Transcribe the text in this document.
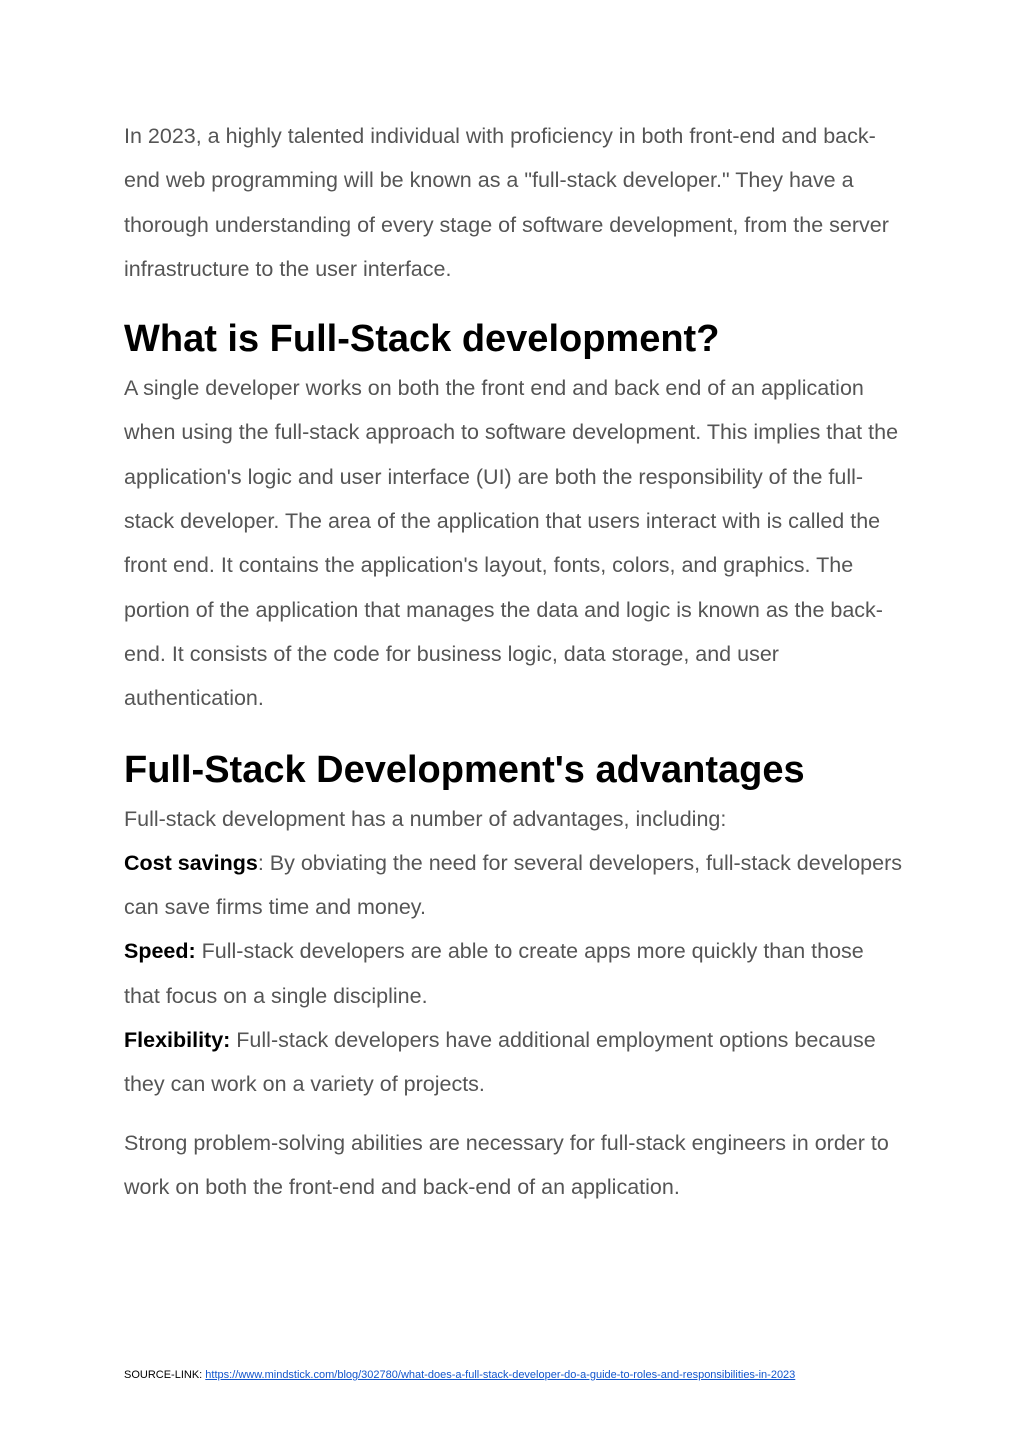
In 2023, a highly talented individual with proficiency in both front-end and back-end web programming will be known as a "full-stack developer." They have a thorough understanding of every stage of software development, from the server infrastructure to the user interface.

What is Full-Stack development?

A single developer works on both the front end and back end of an application when using the full-stack approach to software development. This implies that the application's logic and user interface (UI) are both the responsibility of the full-stack developer. The area of the application that users interact with is called the front end. It contains the application's layout, fonts, colors, and graphics. The portion of the application that manages the data and logic is known as the back-end. It consists of the code for business logic, data storage, and user authentication.

Full-Stack Development's advantages

Full-stack development has a number of advantages, including:

Cost savings: By obviating the need for several developers, full-stack developers can save firms time and money.

Speed: Full-stack developers are able to create apps more quickly than those that focus on a single discipline.

Flexibility: Full-stack developers have additional employment options because they can work on a variety of projects.

Strong problem-solving abilities are necessary for full-stack engineers in order to work on both the front-end and back-end of an application.

SOURCE-LINK: https://www.mindstick.com/blog/302780/what-does-a-full-stack-developer-do-a-guide-to-roles-and-responsibilities-in-2023
